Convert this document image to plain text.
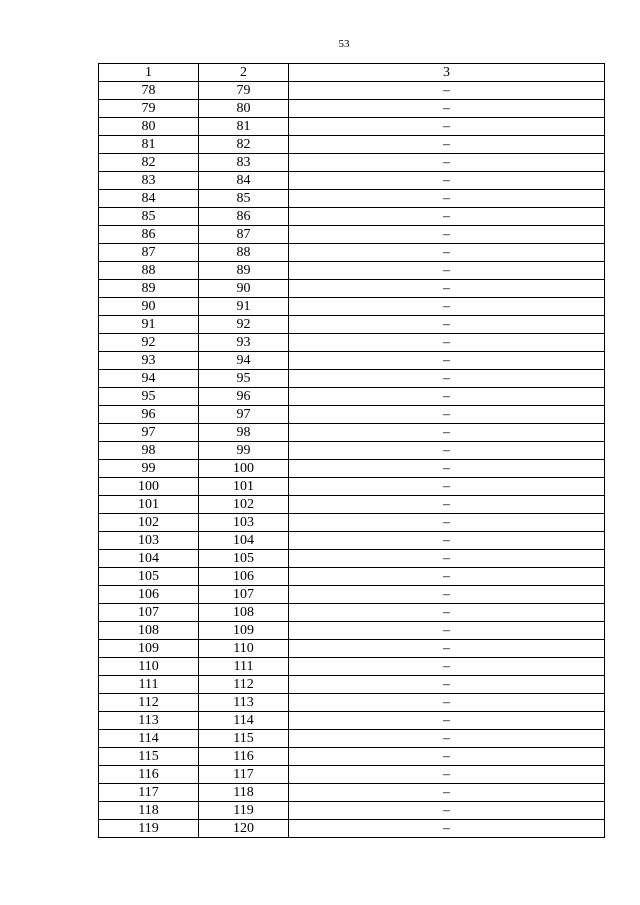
53
1	2	3
78	79	–
79	80	–
80	81	–
81	82	–
82	83	–
83	84	–
84	85	–
85	86	–
86	87	–
87	88	–
88	89	–
89	90	–
90	91	–
91	92	–
92	93	–
93	94	–
94	95	–
95	96	–
96	97	–
97	98	–
98	99	–
99	100	–
100	101	–
101	102	–
102	103	–
103	104	–
104	105	–
105	106	–
106	107	–
107	108	–
108	109	–
109	110	–
110	111	–
111	112	–
112	113	–
113	114	–
114	115	–
115	116	–
116	117	–
117	118	–
118	119	–
119	120	–
